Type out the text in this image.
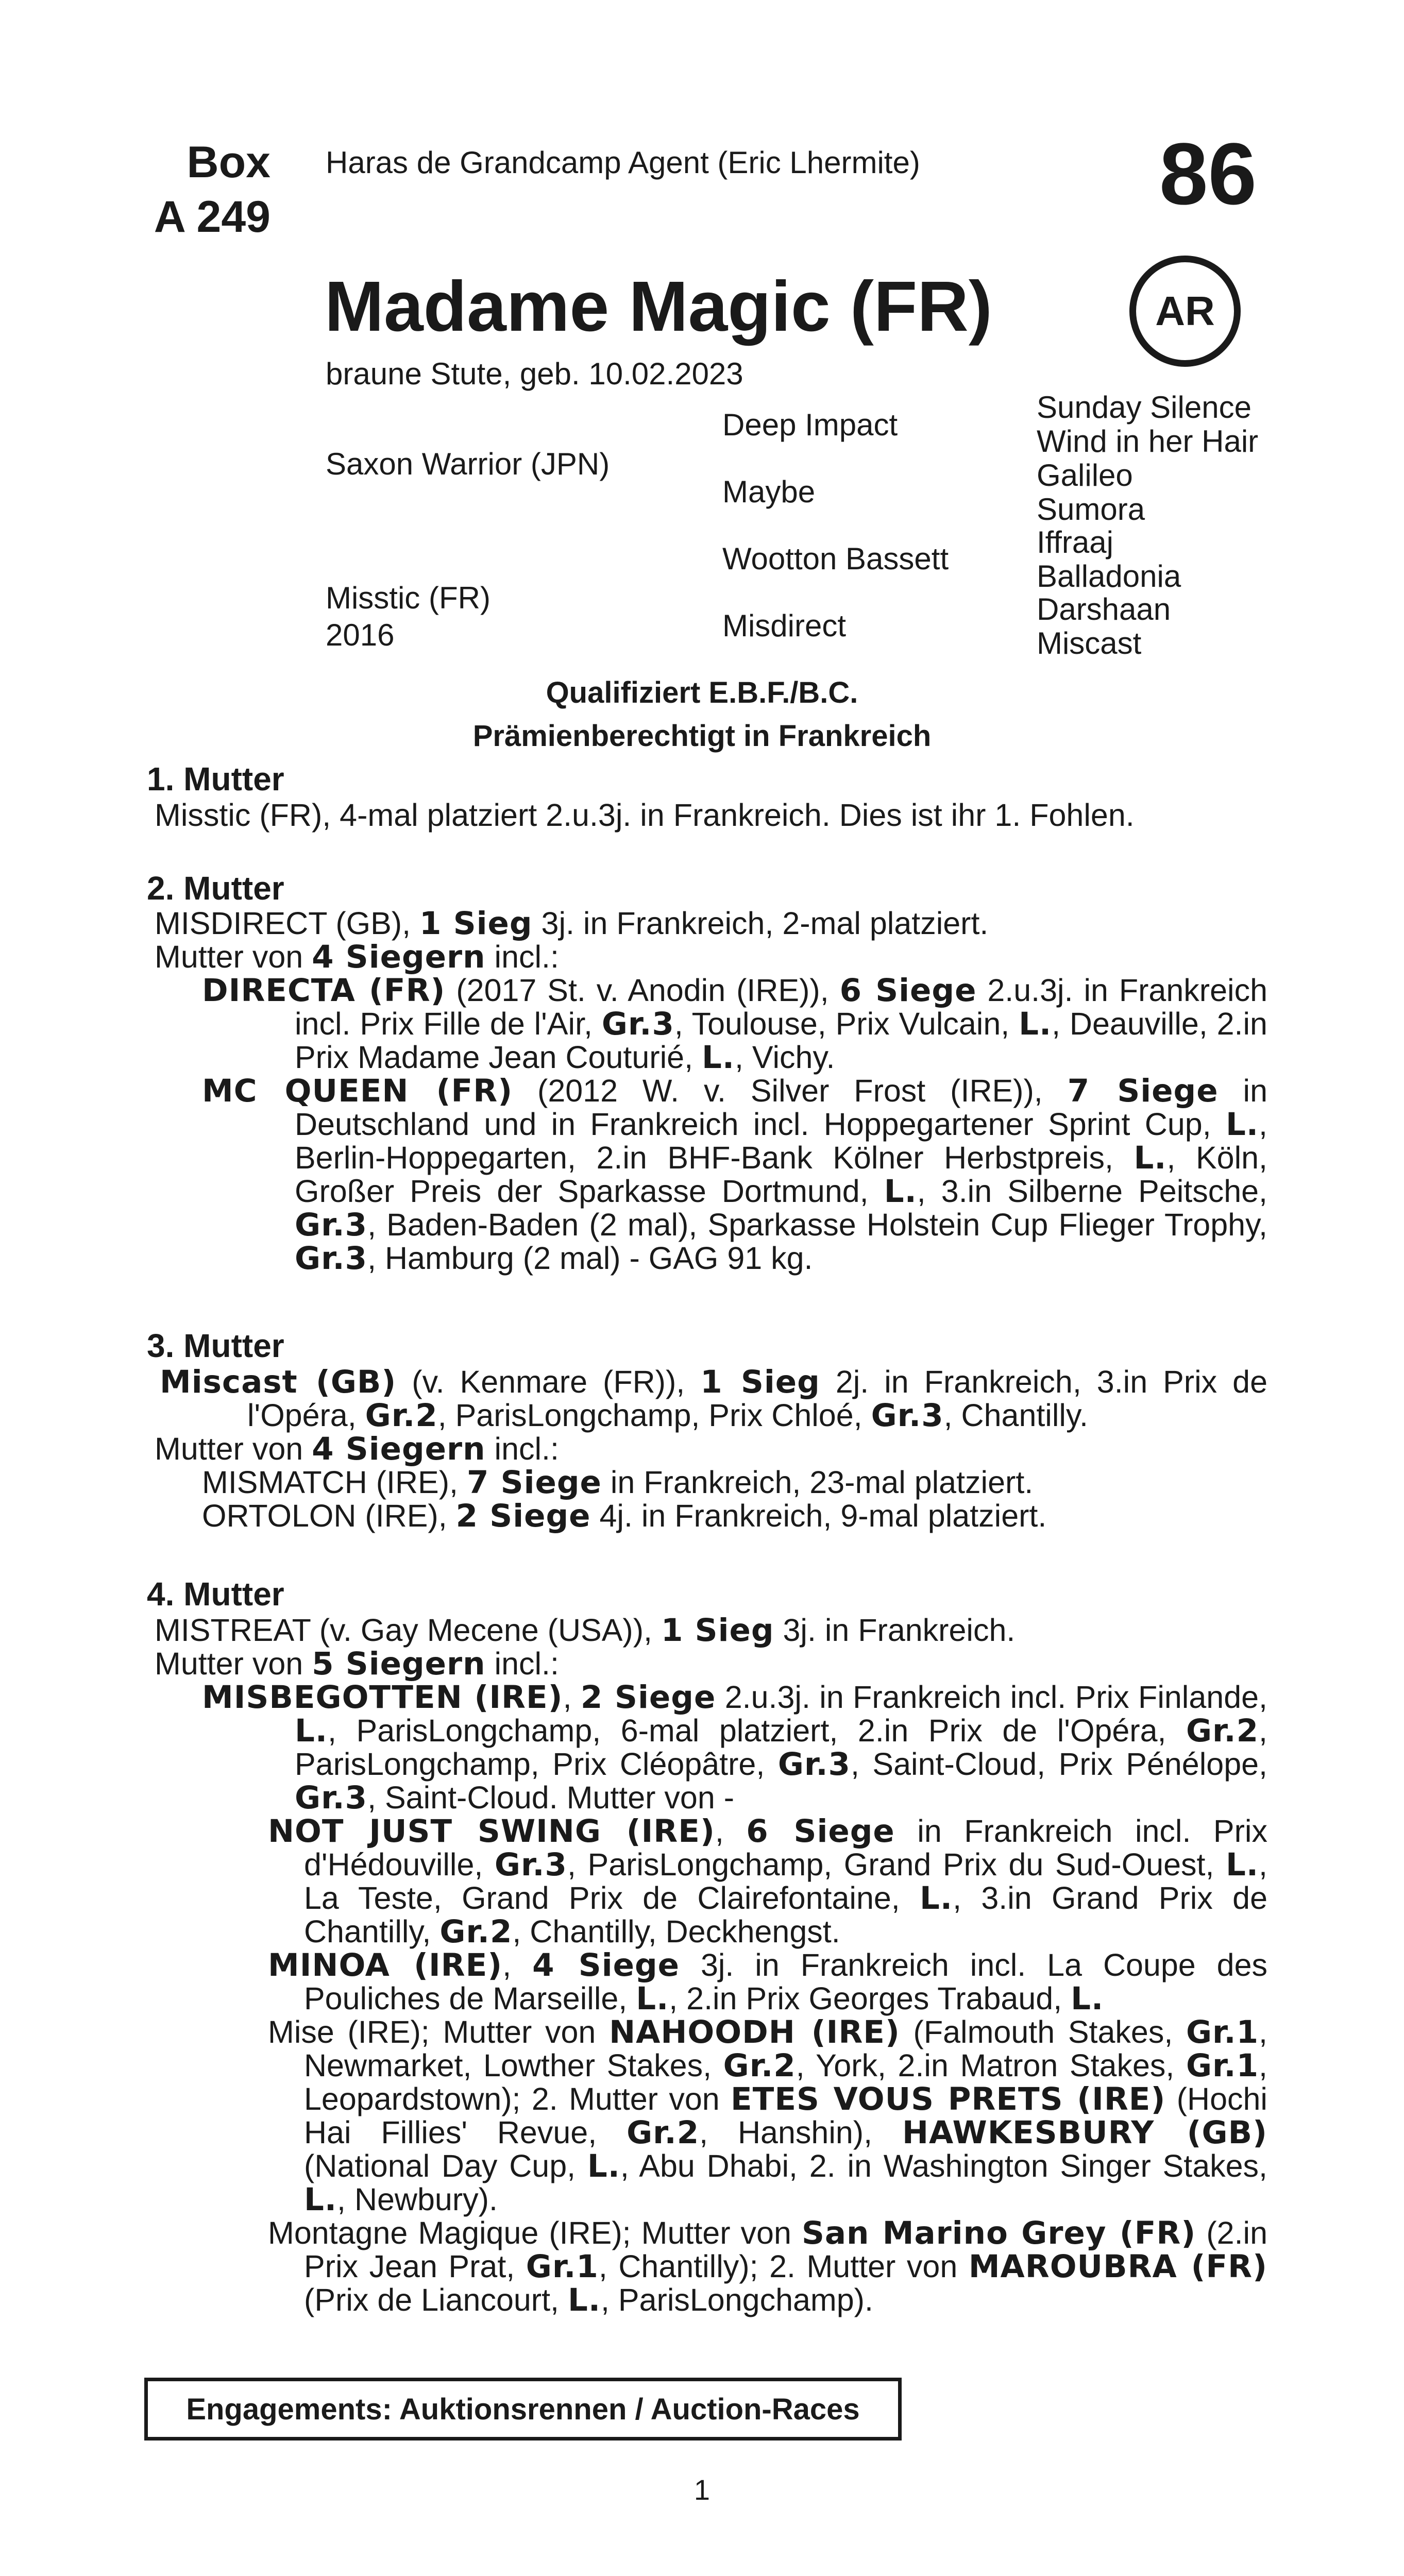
Box
A 249
Haras de Grandcamp Agent (Eric Lhermite)	86
AR
Madame Magic (FR)
braune Stute, geb. 10.02.2023
Saxon Warrior (JPN)
Misstic (FR)
2016
Deep Impact
Maybe
Wootton Bassett
Misdirect
Sunday Silence
Wind in her Hair
Galileo
Sumora
Iffraaj
Balladonia
Darshaan
Miscast
Qualifiziert E.B.F./B.C.
Prämienberechtigt in Frankreich
1. Mutter

Misstic (FR), 4-mal platziert 2.u.3j. in Frankreich. Dies ist ihr 1. Fohlen.

2. Mutter

MISDIRECT (GB), 1 Sieg 3j. in Frankreich, 2-mal platziert.

Mutter von 4 Siegern incl.:

DIRECTA (FR) (2017 St. v. Anodin (IRE)), 6 Siege 2.u.3j. in Frankreich incl. Prix Fille de l'Air, Gr.3, Toulouse, Prix Vulcain, L., Deauville, 2.in Prix Madame Jean Couturié, L., Vichy.

MC QUEEN (FR) (2012 W. v. Silver Frost (IRE)), 7 Siege in Deutschland und in Frankreich incl. Hoppegartener Sprint Cup, L., Berlin-Hoppegarten, 2.in BHF-Bank Kölner Herbstpreis, L., Köln, Großer Preis der Sparkasse Dortmund, L., 3.in Silberne Peitsche, Gr.3, Baden-Baden (2 mal), Sparkasse Holstein Cup Flieger Trophy, Gr.3, Hamburg (2 mal) - GAG 91 kg.

3. Mutter

Miscast (GB) (v. Kenmare (FR)), 1 Sieg 2j. in Frankreich, 3.in Prix de l'Opéra, Gr.2, ParisLongchamp, Prix Chloé, Gr.3, Chantilly.

Mutter von 4 Siegern incl.:

MISMATCH (IRE), 7 Siege in Frankreich, 23-mal platziert.

ORTOLON (IRE), 2 Siege 4j. in Frankreich, 9-mal platziert.

4. Mutter

MISTREAT (v. Gay Mecene (USA)), 1 Sieg 3j. in Frankreich.

Mutter von 5 Siegern incl.:

MISBEGOTTEN (IRE), 2 Siege 2.u.3j. in Frankreich incl. Prix Finlande, L., ParisLongchamp, 6-mal platziert, 2.in Prix de l'Opéra, Gr.2, ParisLongchamp, Prix Cléopâtre, Gr.3, Saint-Cloud, Prix Pénélope, Gr.3, Saint-Cloud. Mutter von -

NOT JUST SWING (IRE), 6 Siege in Frankreich incl. Prix d'Hédouville, Gr.3, ParisLongchamp, Grand Prix du Sud-Ouest, L., La Teste, Grand Prix de Clairefontaine, L., 3.in Grand Prix de Chantilly, Gr.2, Chantilly, Deckhengst.

MINOA (IRE), 4 Siege 3j. in Frankreich incl. La Coupe des Pouliches de Marseille, L., 2.in Prix Georges Trabaud, L.

Mise (IRE); Mutter von NAHOODH (IRE) (Falmouth Stakes, Gr.1, Newmarket, Lowther Stakes, Gr.2, York, 2.in Matron Stakes, Gr.1, Leopardstown); 2. Mutter von ETES VOUS PRETS (IRE) (Hochi Hai Fillies' Revue, Gr.2, Hanshin), HAWKESBURY (GB) (National Day Cup, L., Abu Dhabi, 2. in Washington Singer Stakes, L., Newbury).

Montagne Magique (IRE); Mutter von San Marino Grey (FR) (2.in Prix Jean Prat, Gr.1, Chantilly); 2. Mutter von MAROUBRA (FR) (Prix de Liancourt, L., ParisLongchamp).

Engagements: Auktionsrennen / Auction-Races
1
